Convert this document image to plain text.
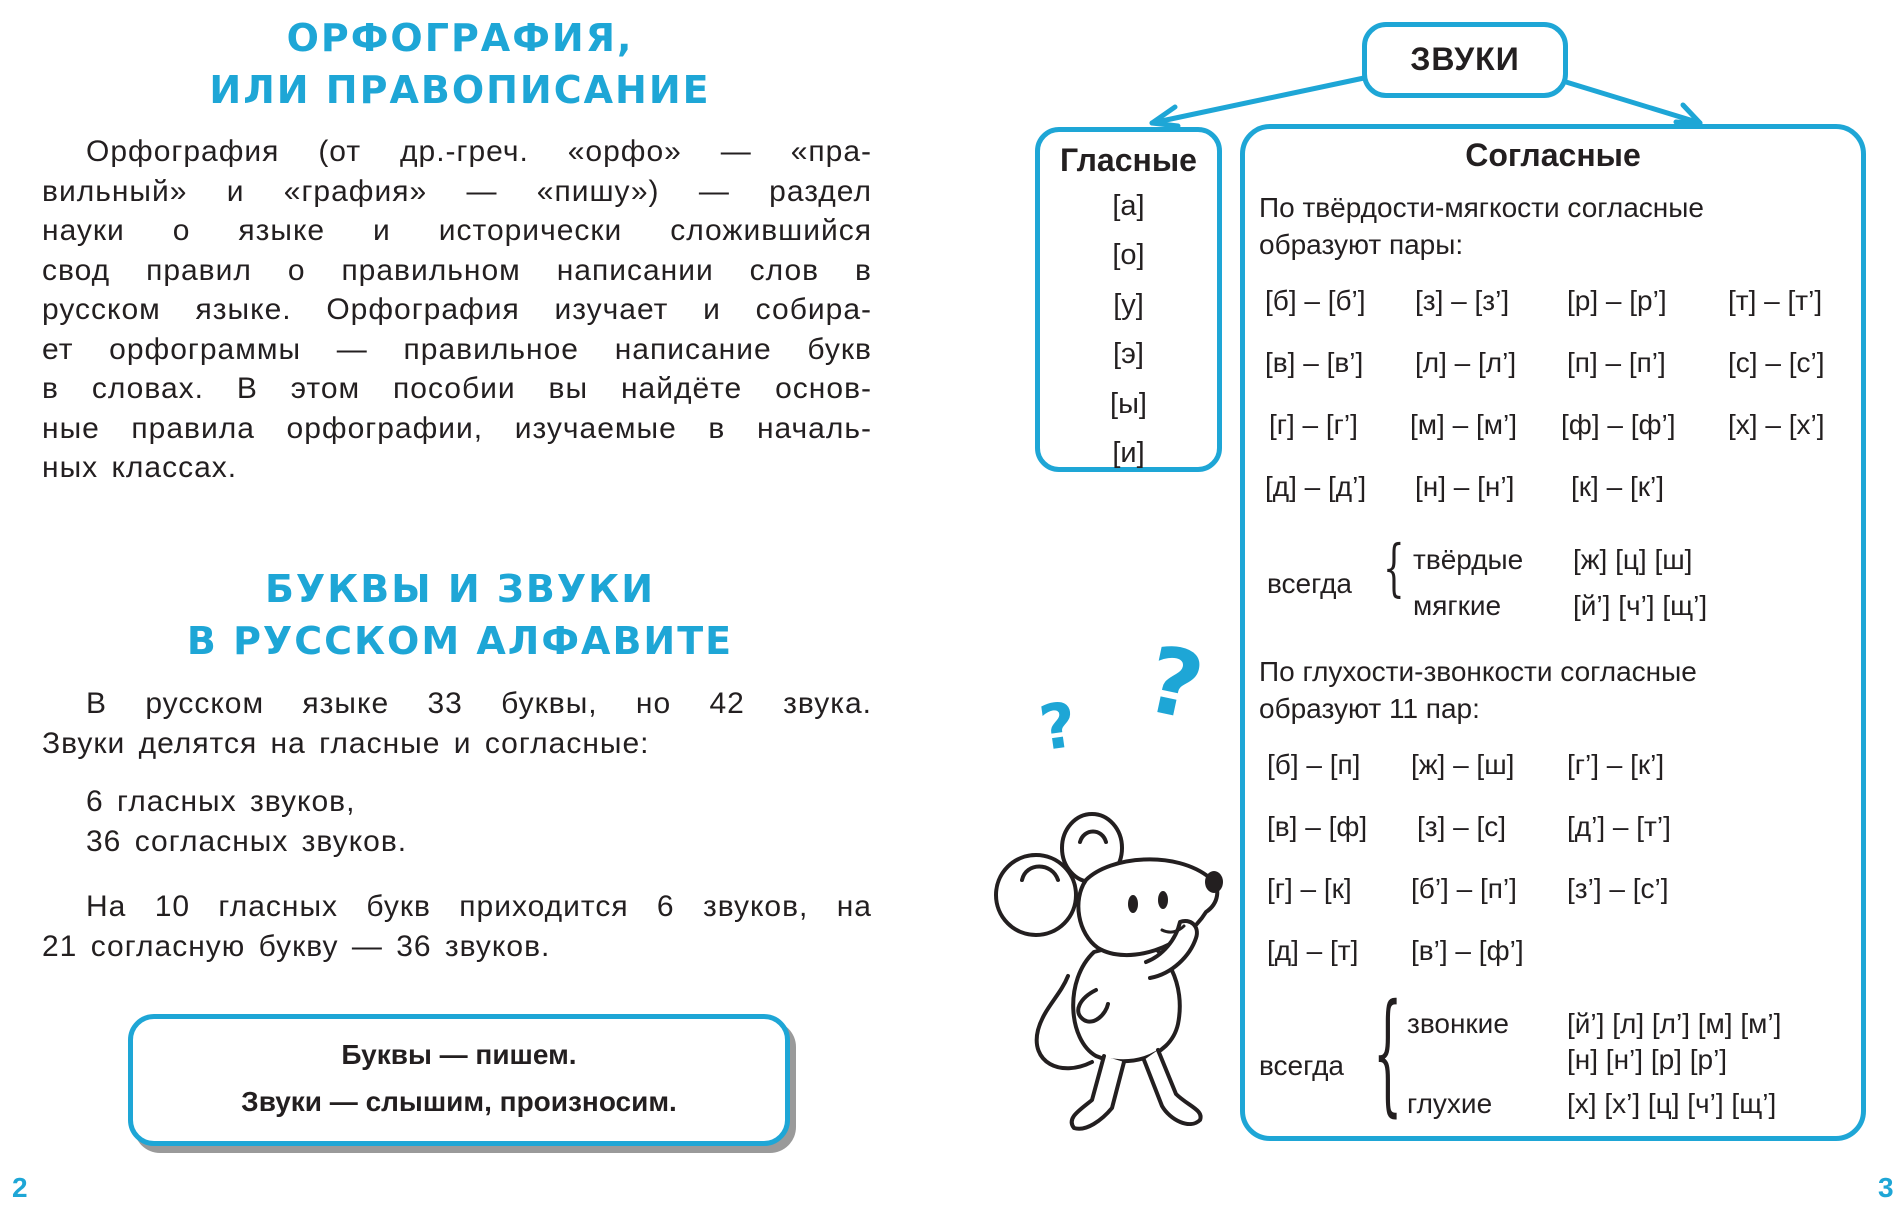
ОРФОГРАФИЯ,
ИЛИ ПРАВОПИСАНИЕ
Орфография (от др.-греч. «орфо» — «пра-
вильный» и «графия» — «пишу») — раздел
науки о языке и исторически сложившийся
свод правил о правильном написании слов в
русском языке. Орфография изучает и собира-
ет орфограммы — правильное написание букв
в словах. В этом пособии вы найдёте основ-
ные правила орфографии, изучаемые в началь-
ных классах.
БУКВЫ И ЗВУКИ
В РУССКОМ АЛФАВИТЕ
В русском языке 33 буквы, но 42 звука.
Звуки делятся на гласные и согласные:
6 гласных звуков,
36 согласных звуков.
На 10 гласных букв приходится 6 звуков, на
21 согласную букву — 36 звуков.
Буквы — пишем.
Звуки — слышим, произносим.
2
ЗВУКИ
Гласные
[а]
[о]
[у]
[э]
[ы]
[и]
Согласные
По твёрдости-мягкости согласные
образуют пары:
[б] – [б’] [з] – [з’] [р] – [р’] [т] – [т’]
[в] – [в’] [л] – [л’] [п] – [п’] [с] – [с’]
[г] – [г’] [м] – [м’] [ф] – [ф’] [х] – [х’]
[д] – [д’] [н] – [н’] [к] – [к’]
всегда { твёрдые [ж] [ц] [ш]
мягкие	[й’] [ч’] [щ’]
По глухости-звонкости согласные
образуют 11 пар:
[б] – [п] [ж] – [ш] [г’] – [к’]
[в] – [ф] [з] – [с] [д’] – [т’]
[г] – [к] [б’] – [п’] [з’] – [с’]
[д] – [т] [в’] – [ф’]
всегда { звонкие [й’] [л] [л’] [м] [м’]
[н] [н’] [р] [р’]
глухие	[х] [х’] [ц] [ч’] [щ’]
? ?
3
